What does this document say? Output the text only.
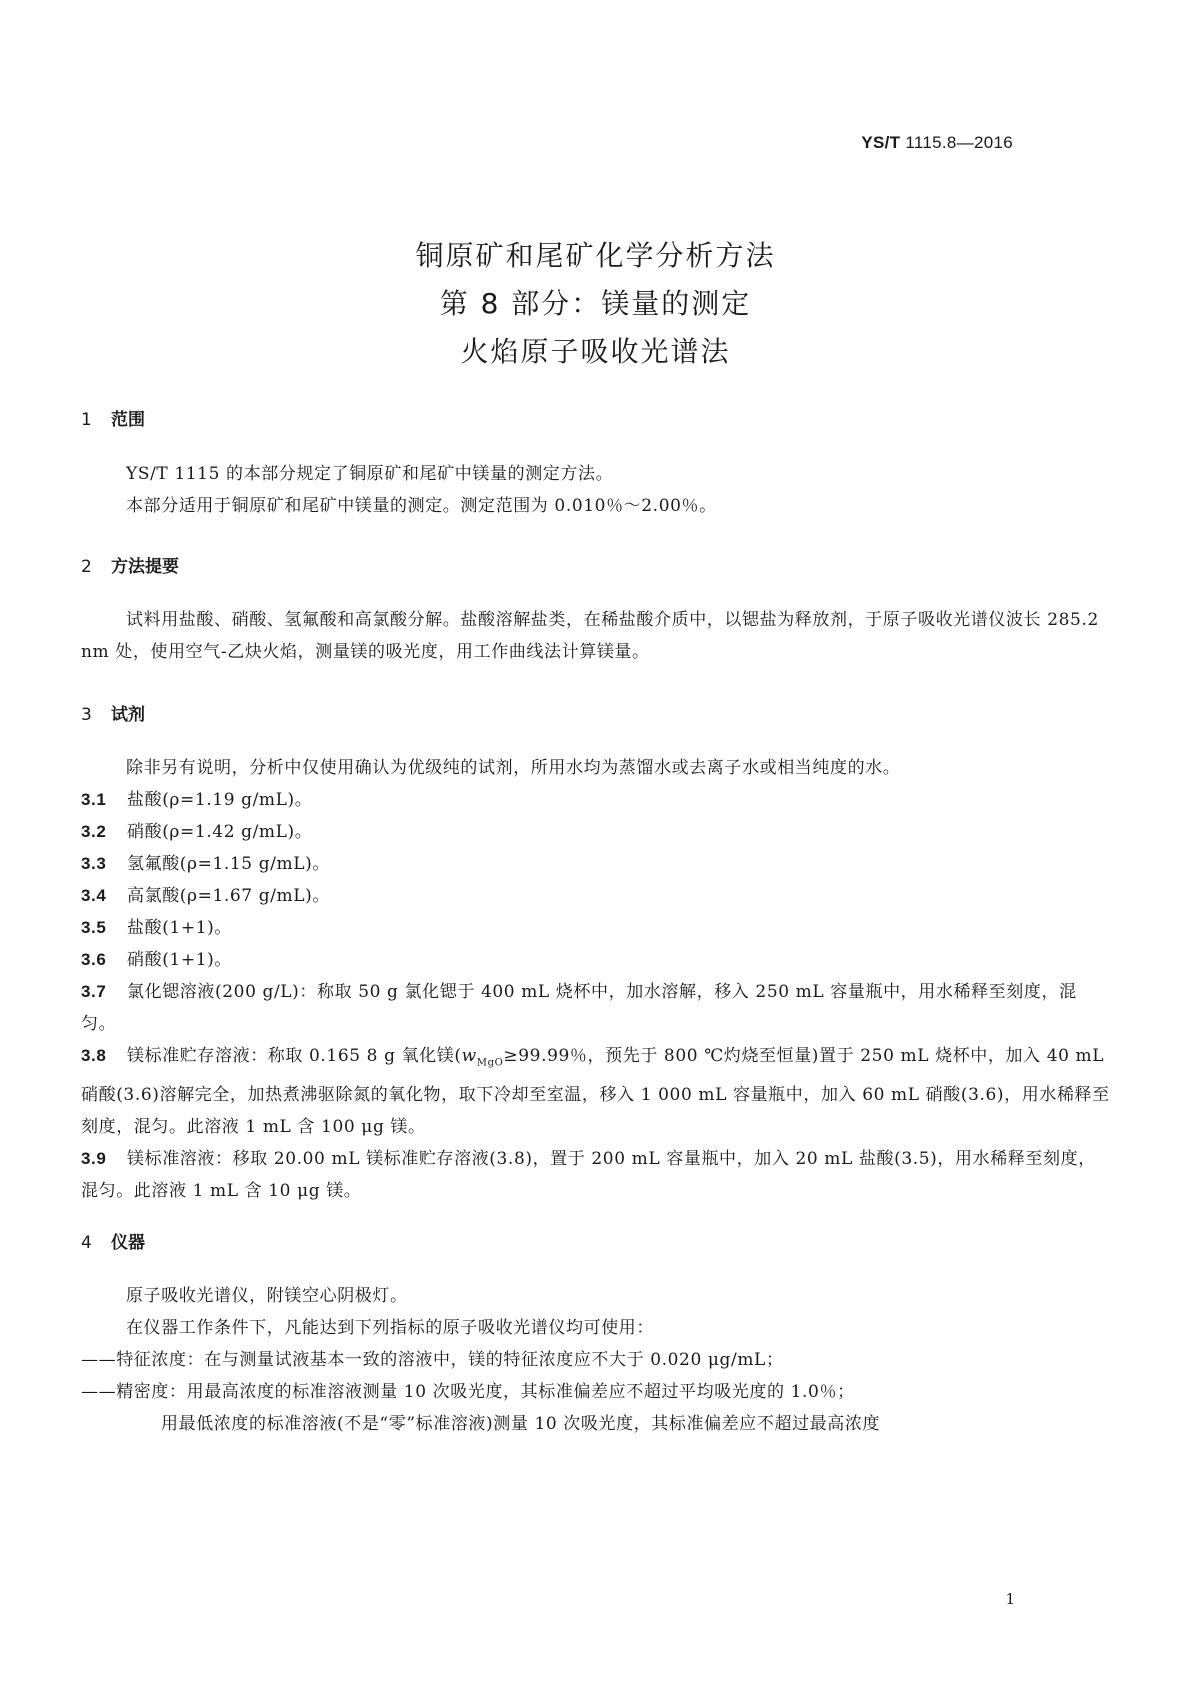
YS/T 1115.8—2016
铜原矿和尾矿化学分析方法
第 8 部分：镁量的测定
火焰原子吸收光谱法
1 范围
YS/T 1115 的本部分规定了铜原矿和尾矿中镁量的测定方法。
本部分适用于铜原矿和尾矿中镁量的测定。测定范围为 0.010％～2.00％。
2 方法提要
试料用盐酸、硝酸、氢氟酸和高氯酸分解。盐酸溶解盐类，在稀盐酸介质中，以锶盐为释放剂，于原子吸收光谱仪波长 285.2 nm 处，使用空气-乙炔火焰，测量镁的吸光度，用工作曲线法计算镁量。
3 试剂
除非另有说明，分析中仅使用确认为优级纯的试剂，所用水均为蒸馏水或去离子水或相当纯度的水。
3.1 盐酸(ρ=1.19 g/mL)。
3.2 硝酸(ρ=1.42 g/mL)。
3.3 氢氟酸(ρ=1.15 g/mL)。
3.4 高氯酸(ρ=1.67 g/mL)。
3.5 盐酸(1+1)。
3.6 硝酸(1+1)。
3.7 氯化锶溶液(200 g/L)：称取 50 g 氯化锶于 400 mL 烧杯中，加水溶解，移入 250 mL 容量瓶中，用水稀释至刻度，混匀。
3.8 镁标准贮存溶液：称取 0.165 8 g 氧化镁($w_{MgO}\ge 99.99$％，预先于 800 ℃灼烧至恒量)置于 250 mL 烧杯中，加入 40 mL 硝酸(3.6)溶解完全，加热煮沸驱除氮的氧化物，取下冷却至室温，移入 1 000 mL 容量瓶中，加入 60 mL 硝酸(3.6)，用水稀释至刻度，混匀。此溶液 1 mL 含 100 μg 镁。
3.9 镁标准溶液：移取 20.00 mL 镁标准贮存溶液(3.8)，置于 200 mL 容量瓶中，加入 20 mL 盐酸(3.5)，用水稀释至刻度，混匀。此溶液 1 mL 含 10 μg 镁。
4 仪器
原子吸收光谱仪，附镁空心阴极灯。
在仪器工作条件下，凡能达到下列指标的原子吸收光谱仪均可使用：
——特征浓度：在与测量试液基本一致的溶液中，镁的特征浓度应不大于 0.020 μg/mL；
——精密度：用最高浓度的标准溶液测量 10 次吸光度，其标准偏差应不超过平均吸光度的 1.0％；
用最低浓度的标准溶液(不是“零”标准溶液)测量 10 次吸光度，其标准偏差应不超过最高浓度
1
